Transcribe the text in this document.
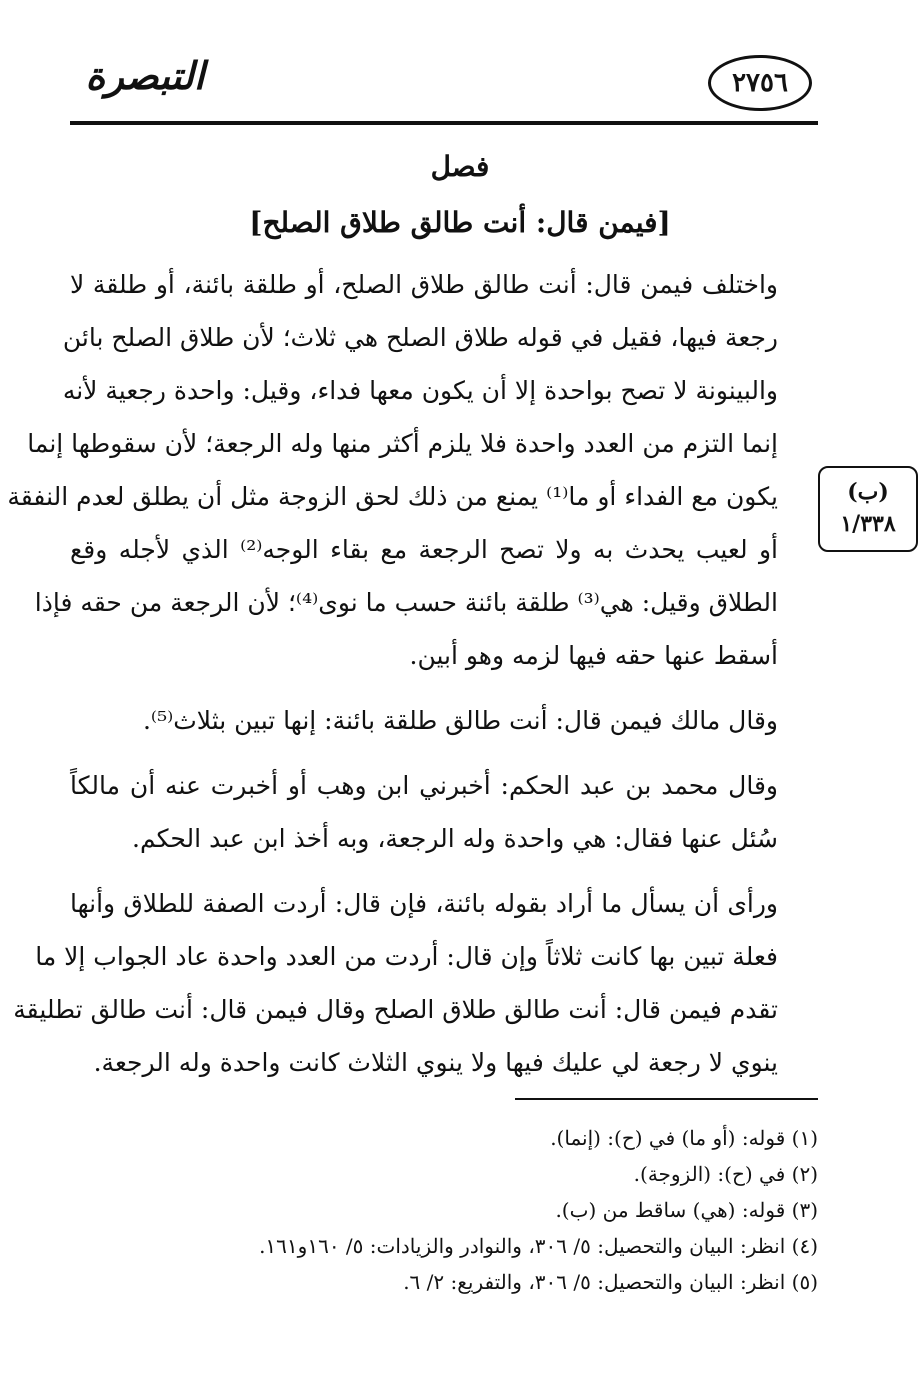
التبصرة	٢٧٥٦
فصل
[فيمن قال: أنت طالق طلاق الصلح]
(ب)
١/٣٣٨

واختلف فيمن قال: أنت طالق طلاق الصلح، أو طلقة بائنة، أو طلقة لا
رجعة فيها، فقيل في قوله طلاق الصلح هي ثلاث؛ لأن طلاق الصلح بائن
والبينونة لا تصح بواحدة إلا أن يكون معها فداء، وقيل: واحدة رجعية لأنه
إنما التزم من العدد واحدة فلا يلزم أكثر منها وله الرجعة؛ لأن سقوطها إنما
يكون مع الفداء أو ما⁽¹⁾ يمنع من ذلك لحق الزوجة مثل أن يطلق لعدم النفقة
أو لعيب يحدث به ولا تصح الرجعة مع بقاء الوجه⁽²⁾ الذي لأجله وقع
الطلاق وقيل: هي⁽³⁾ طلقة بائنة حسب ما نوى⁽⁴⁾؛ لأن الرجعة من حقه فإذا
أسقط عنها حقه فيها لزمه وهو أبين.

وقال مالك فيمن قال: أنت طالق طلقة بائنة: إنها تبين بثلاث⁽⁵⁾.

وقال محمد بن عبد الحكم: أخبرني ابن وهب أو أخبرت عنه أن مالكاً
سُئل عنها فقال: هي واحدة وله الرجعة، وبه أخذ ابن عبد الحكم.

ورأى أن يسأل ما أراد بقوله بائنة، فإن قال: أردت الصفة للطلاق وأنها
فعلة تبين بها كانت ثلاثاً وإن قال: أردت من العدد واحدة عاد الجواب إلا ما
تقدم فيمن قال: أنت طالق طلاق الصلح وقال فيمن قال: أنت طالق تطليقة
ينوي لا رجعة لي عليك فيها ولا ينوي الثلاث كانت واحدة وله الرجعة.

(١) قوله: (أو ما) في (ح): (إنما).
(٢) في (ح): (الزوجة).
(٣) قوله: (هي) ساقط من (ب).
(٤) انظر: البيان والتحصيل: ٥/ ٣٠٦، والنوادر والزيادات: ٥/ ١٦٠و١٦١.
(٥) انظر: البيان والتحصيل: ٥/ ٣٠٦، والتفريع: ٢/ ٦.
